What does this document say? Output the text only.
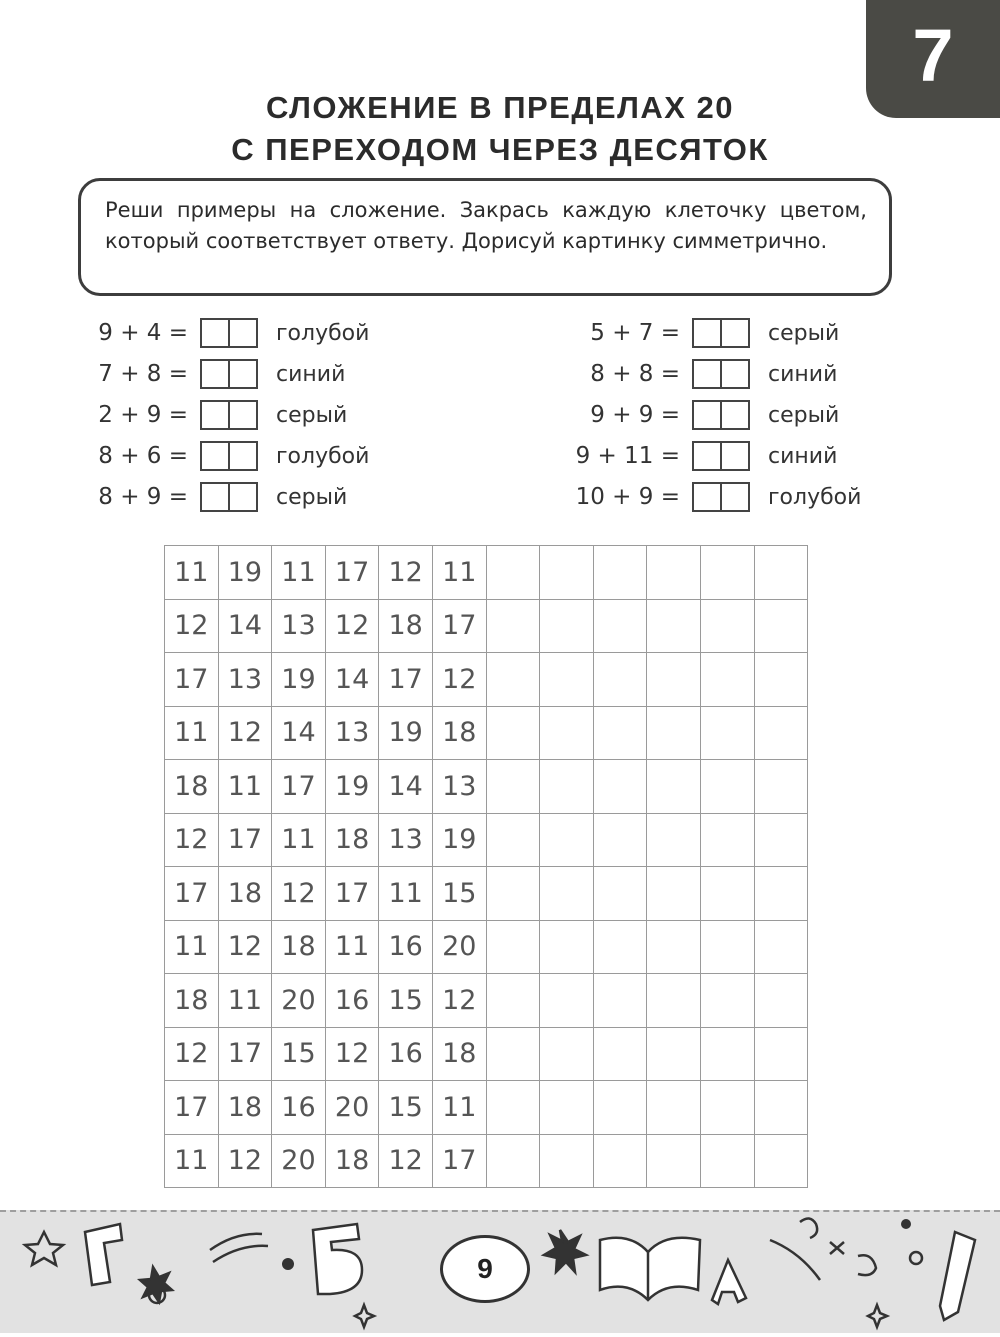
7
СЛОЖЕНИЕ В ПРЕДЕЛАХ 20
С ПЕРЕХОДОМ ЧЕРЕЗ ДЕСЯТОК
Реши примеры на сложение. Закрась каждую клеточку цветом, который соответствует ответу. Дорисуй картинку симметрично.
9 + 4 =	голубой
7 + 8 =	синий
2 + 9 =	серый
8 + 6 =	голубой
8 + 9 =	серый
5 + 7 =	серый
8 + 8 =	синий
9 + 9 =	серый
9 + 11 =	синий
10 + 9 =	голубой
11 19 11 17 12 11
12 14 13 12 18 17
17 13 19 14 17 12
11 12 14 13 19 18
18 11 17 19 14 13
12 17 11 18 13 19
17 18 12 17 11 15
11 12 18 11 16 20
18 11 20 16 15 12
12 17 15 12 16 18
17 18 16 20 15 11
11 12 20 18 12 17
9
